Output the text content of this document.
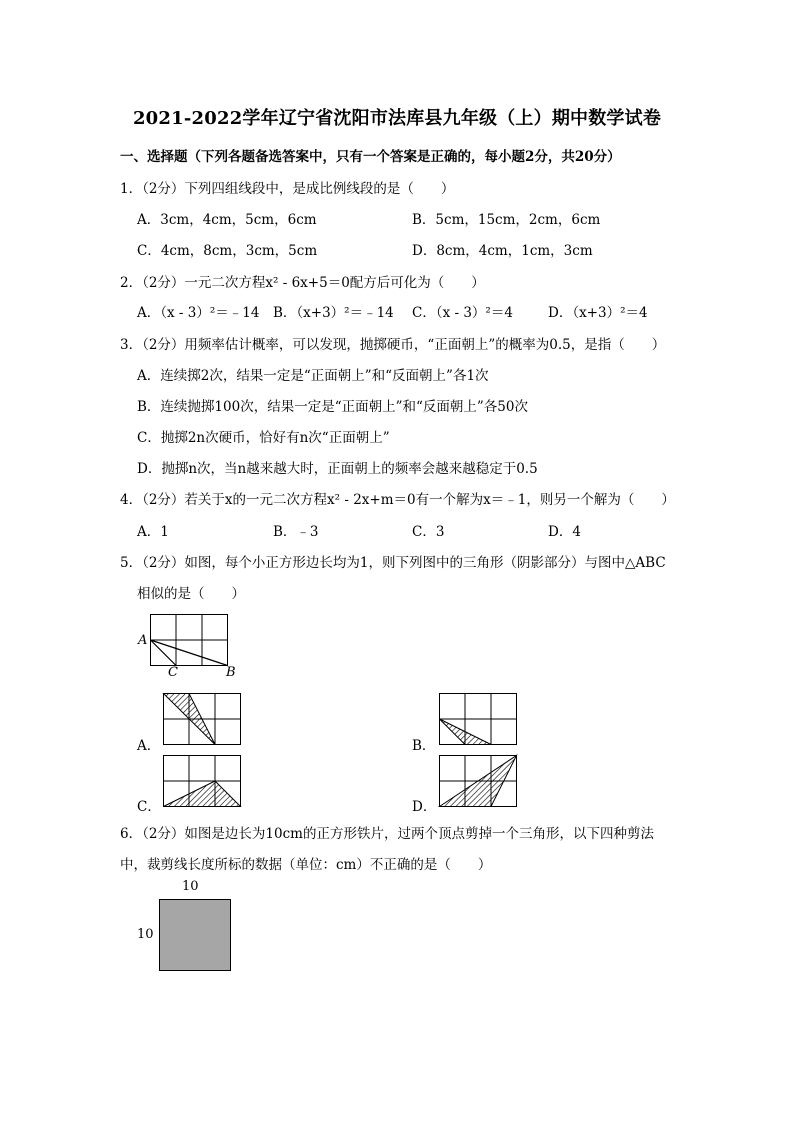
2021-2022学年辽宁省沈阳市法库县九年级（上）期中数学试卷
一、选择题（下列各题备选答案中，只有一个答案是正确的，每小题2分，共20分）
1．（2分）下列四组线段中，是成比例线段的是（　　）
A．3cm，4cm，5cm，6cm	B．5cm，15cm，2cm，6cm
C．4cm，8cm，3cm，5cm	D．8cm，4cm，1cm，3cm
2．（2分）一元二次方程x² - 6x+5＝0配方后可化为（　　）
A．（x - 3）²＝﹣14 B．（x+3）²＝﹣14 C．（x - 3）²＝4	D．（x+3）²＝4
3．（2分）用频率估计概率，可以发现，抛掷硬币，“正面朝上”的概率为0.5，是指（　　）
A．连续掷2次，结果一定是“正面朝上”和“反面朝上”各1次
B．连续抛掷100次，结果一定是“正面朝上”和“反面朝上”各50次
C．抛掷2n次硬币，恰好有n次“正面朝上”
D．抛掷n次，当n越来越大时，正面朝上的频率会越来越稳定于0.5
4．（2分）若关于x的一元二次方程x² - 2x+m＝0有一个解为x＝﹣1，则另一个解为（　　）
A．1	B．﹣3	C．3	D．4
5．（2分）如图，每个小正方形边长均为1，则下列图中的三角形（阴影部分）与图中△ABC
相似的是（　　）
A
C	B
A．	B．
C．	D．
6．（2分）如图是边长为10cm的正方形铁片，过两个顶点剪掉一个三角形，以下四种剪法
中，裁剪线长度所标的数据（单位：cm）不正确的是（　　）
10
10
